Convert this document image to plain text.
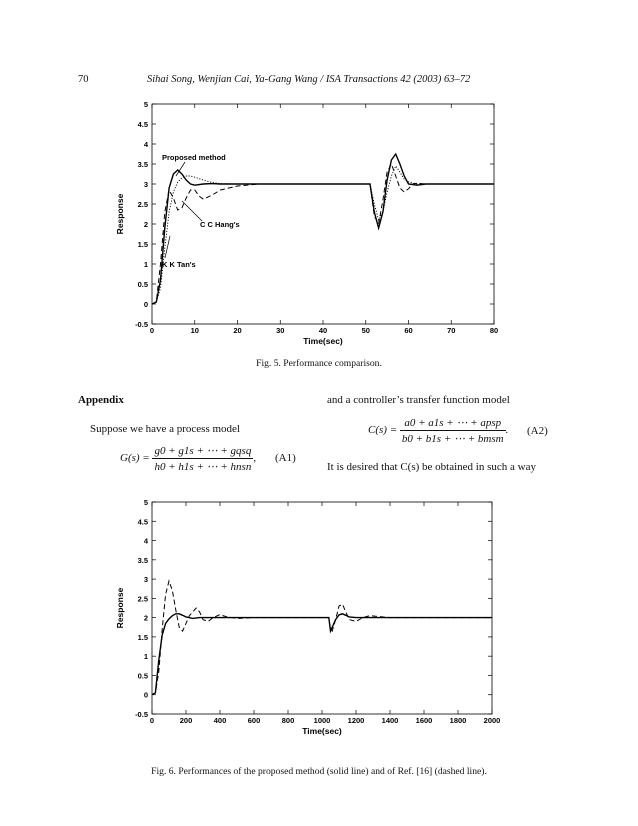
70	Sihai Song, Wenjian Cai, Ya-Gang Wang / ISA Transactions 42 (2003) 63–72
-0.5
0
0.5
1
1.5
2
2.5
3
3.5
4
4.5
5
0	10	20	30	40	50	60	70	80
Time(sec)
Response
Proposed method
C C Hang's
K K Tan's
Fig. 5. Performance comparison.
Appendix
Suppose we have a process model
$G(s) = \frac{\text{g0 + g1s + ⋯ + gqsq}}{\text{h0 + h1s + ⋯ + hnsn}}$ , (A1)
and a controller’s transfer function model
$C(s) = \frac{\text{a0 + a1s + ⋯ + apsp}}{\text{b0 + b1s + ⋯ + bmsm}}$ . (A2)
It is desired that C(s) be obtained in such a way
-0.5
0
0.5
1
1.5
2
2.5
3
3.5
4
4.5
5
0	200	400	600	800	1000 1200 1400 1600 1800 2000
Time(sec)
Response
Fig. 6. Performances of the proposed method (solid line) and of Ref. [16] (dashed line).
